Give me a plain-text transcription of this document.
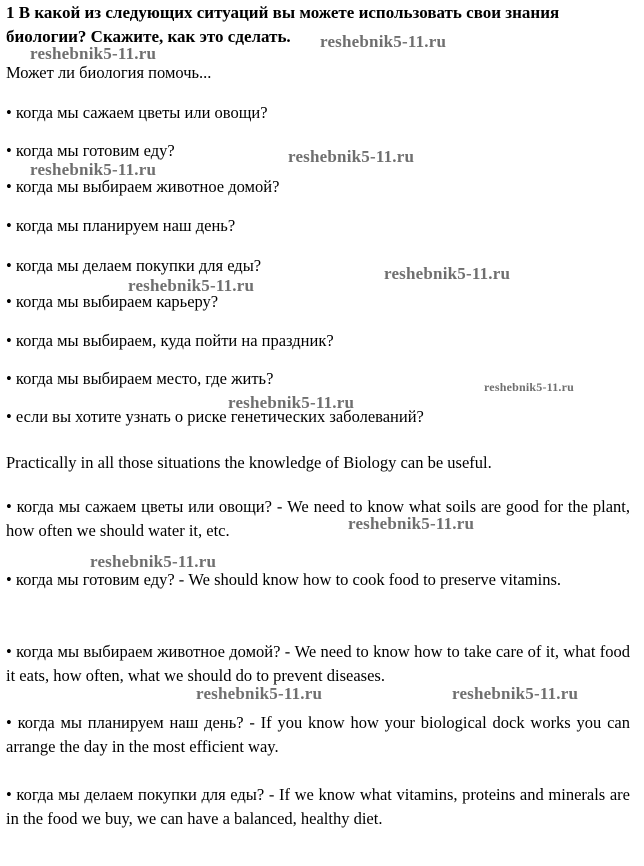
1 В какой из следующих ситуаций вы можете использовать свои знания
биологии? Скажите, как это сделать.
Может ли биология помочь...
• когда мы сажаем цветы или овощи?
• когда мы готовим еду?
• когда мы выбираем животное домой?
• когда мы планируем наш день?
• когда мы делаем покупки для еды?
• когда мы выбираем карьеру?
• когда мы выбираем, куда пойти на праздник?
• когда мы выбираем место, где жить?
• если вы хотите узнать о риске генетических заболеваний?
Practically in all those situations the knowledge of Biology can be useful.
• когда мы сажаем цветы или овощи? - We need to know what soils are good for the plant, how often we should water it, etc.
• когда мы готовим еду? - We should know how to cook food to preserve vitamins.
• когда мы выбираем животное домой? - We need to know how to take care of it, what food it eats, how often, what we should do to prevent diseases.
• когда мы планируем наш день? - If you know how your biological dock works you can arrange the day in the most efficient way.
• когда мы делаем покупки для еды? - If we know what vitamins, proteins and minerals are in the food we buy, we can have a balanced, healthy diet.
reshebnik5-11.ru
reshebnik5-11.ru
reshebnik5-11.ru
reshebnik5-11.ru
reshebnik5-11.ru
reshebnik5-11.ru
reshebnik5-11.ru
reshebnik5-11.ru
reshebnik5-11.ru
reshebnik5-11.ru
reshebnik5-11.ru	reshebnik5-11.ru
